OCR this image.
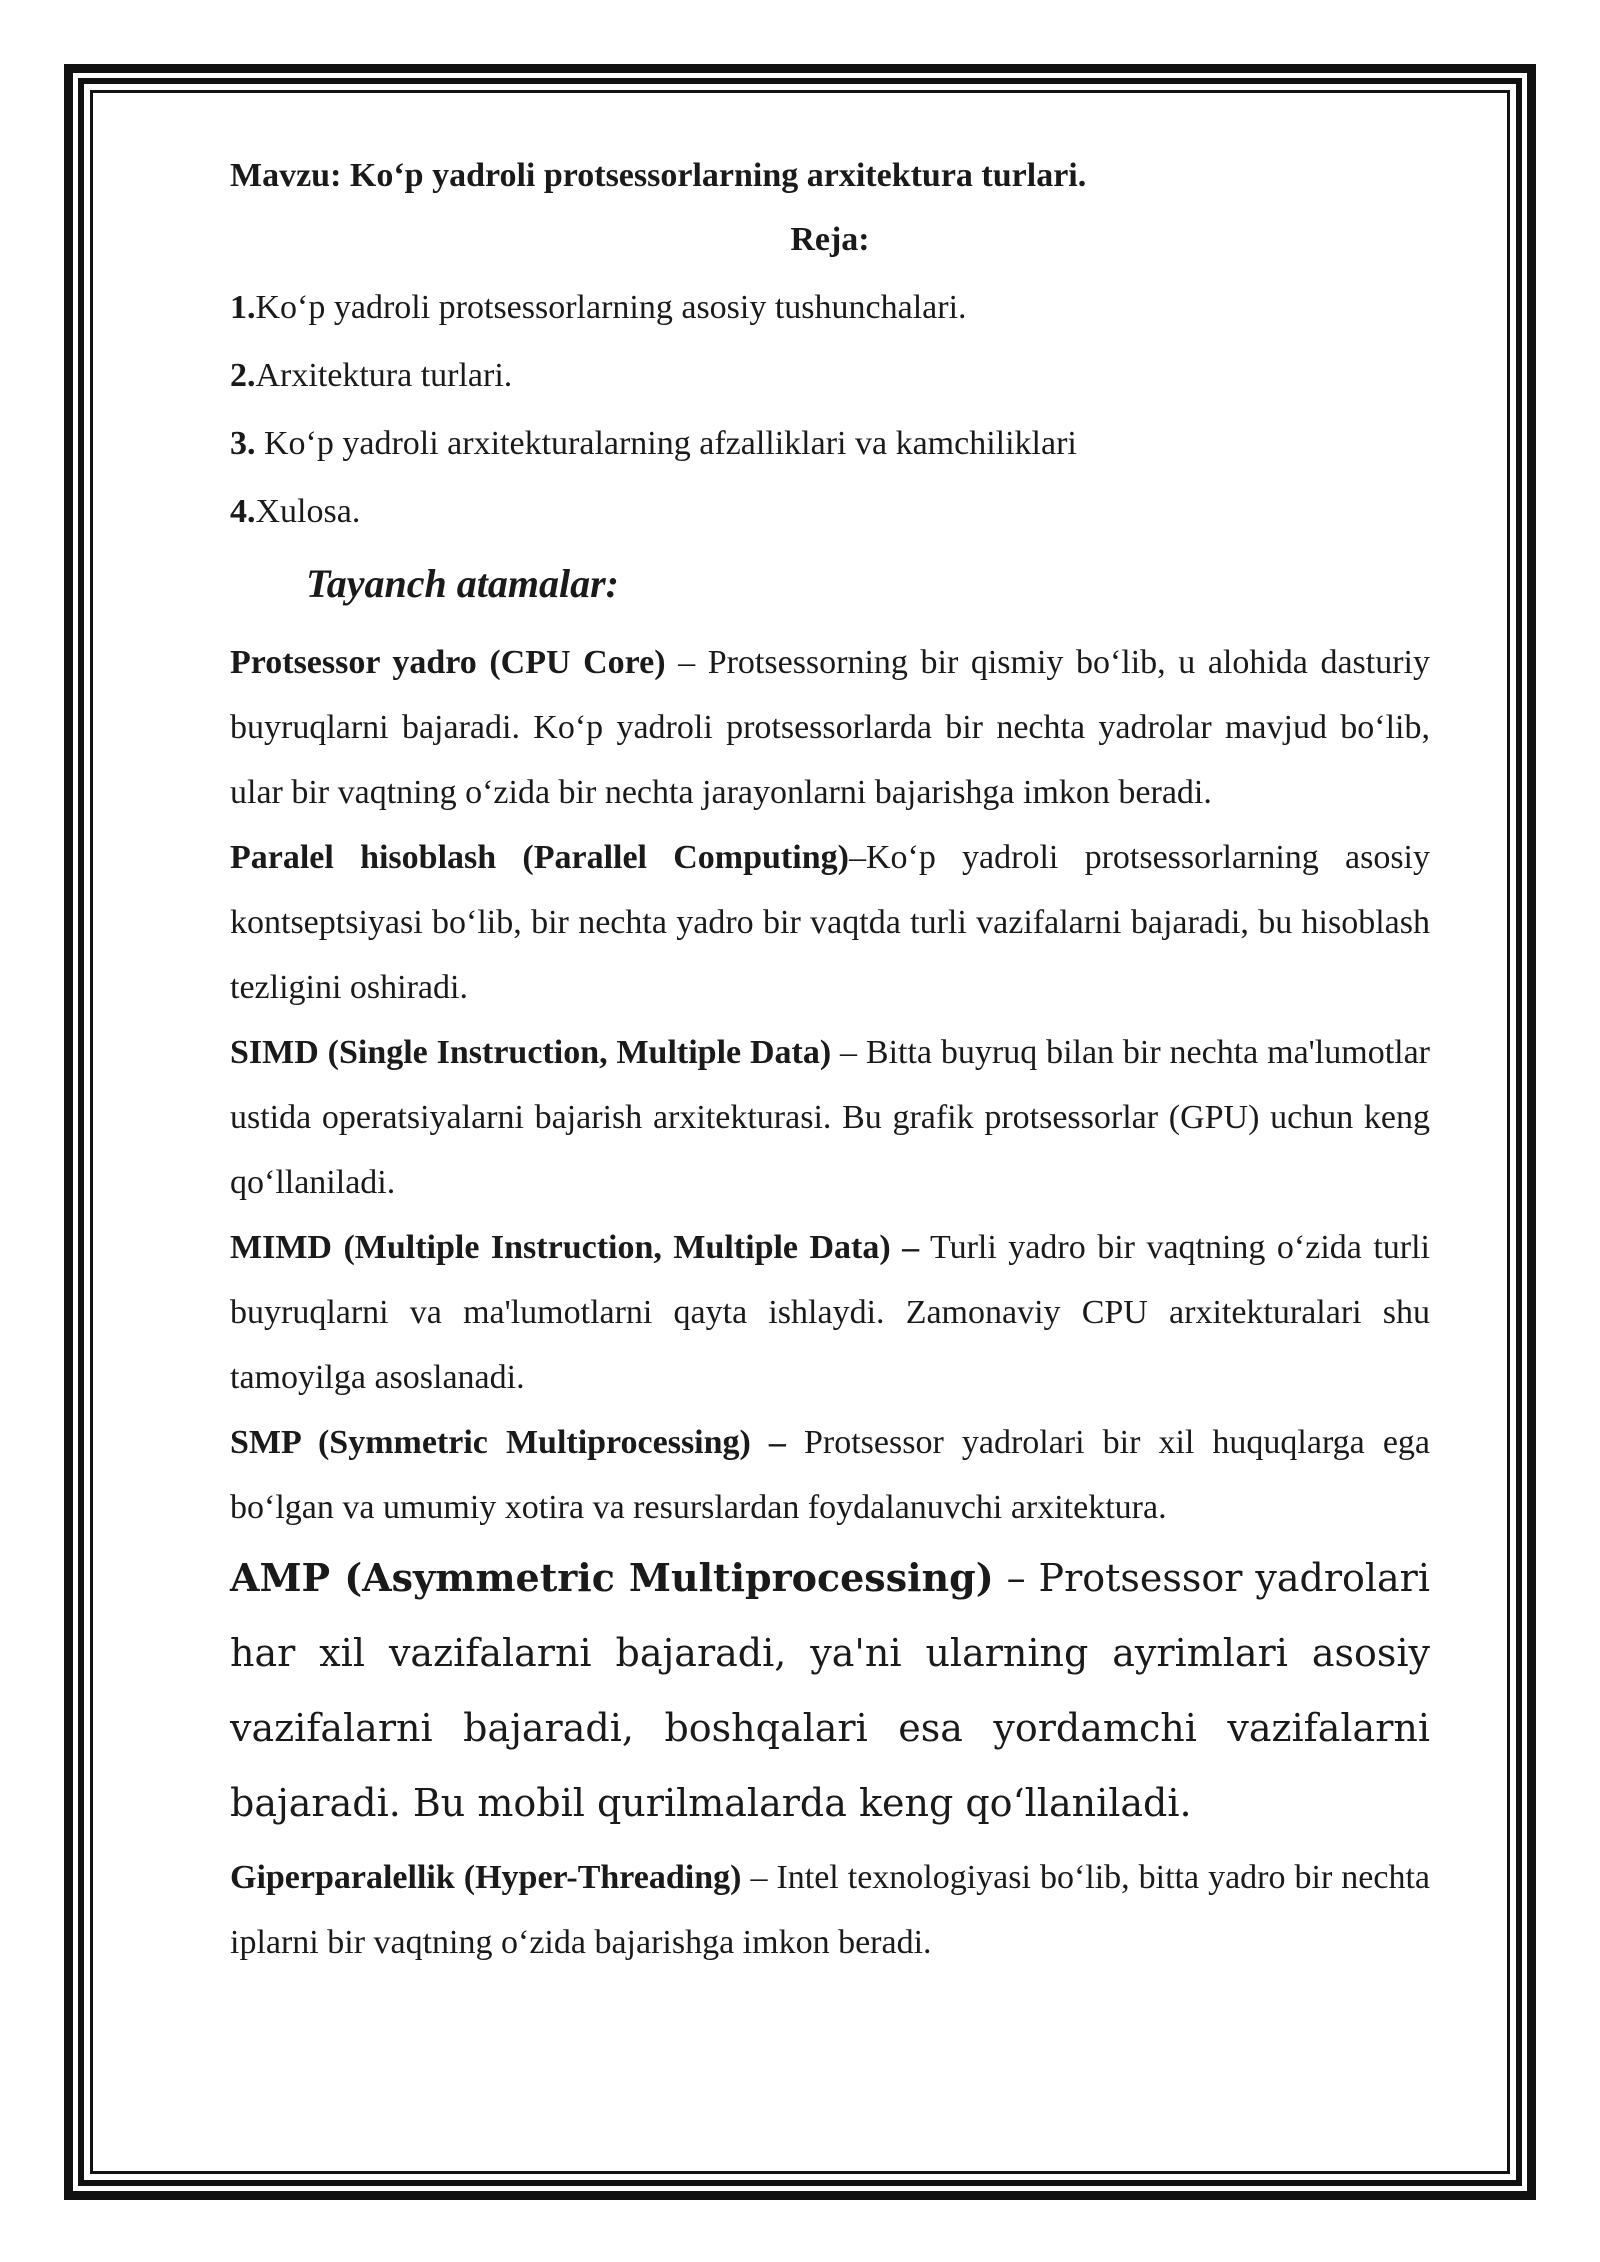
Mavzu: Ko‘p yadroli protsessorlarning arxitektura turlari.

Reja:

1.Ko‘p yadroli protsessorlarning asosiy tushunchalari.

2.Arxitektura turlari.

3. Ko‘p yadroli arxitekturalarning afzalliklari va kamchiliklari

4.Xulosa.

Tayanch atamalar:

Protsessor yadro (CPU Core) – Protsessorning bir qismiy bo‘lib, u alohida dasturiy buyruqlarni bajaradi. Ko‘p yadroli protsessorlarda bir nechta yadrolar mavjud bo‘lib, ular bir vaqtning o‘zida bir nechta jarayonlarni bajarishga imkon beradi.

Paralel hisoblash (Parallel Computing)–Ko‘p yadroli protsessorlarning asosiy kontseptsiyasi bo‘lib, bir nechta yadro bir vaqtda turli vazifalarni bajaradi, bu hisoblash tezligini oshiradi.

SIMD (Single Instruction, Multiple Data) – Bitta buyruq bilan bir nechta ma'lumotlar ustida operatsiyalarni bajarish arxitekturasi. Bu grafik protsessorlar (GPU) uchun keng qo‘llaniladi.

MIMD (Multiple Instruction, Multiple Data) – Turli yadro bir vaqtning o‘zida turli buyruqlarni va ma'lumotlarni qayta ishlaydi. Zamonaviy CPU arxitekturalari shu tamoyilga asoslanadi.

SMP (Symmetric Multiprocessing) – Protsessor yadrolari bir xil huquqlarga ega bo‘lgan va umumiy xotira va resurslardan foydalanuvchi arxitektura.

AMP (Asymmetric Multiprocessing) – Protsessor yadrolari har xil vazifalarni bajaradi, ya'ni ularning ayrimlari asosiy vazifalarni bajaradi, boshqalari esa yordamchi vazifalarni bajaradi. Bu mobil qurilmalarda keng qo‘llaniladi.

Giperparalellik (Hyper-Threading) – Intel texnologiyasi bo‘lib, bitta yadro bir nechta iplarni bir vaqtning o‘zida bajarishga imkon beradi.
